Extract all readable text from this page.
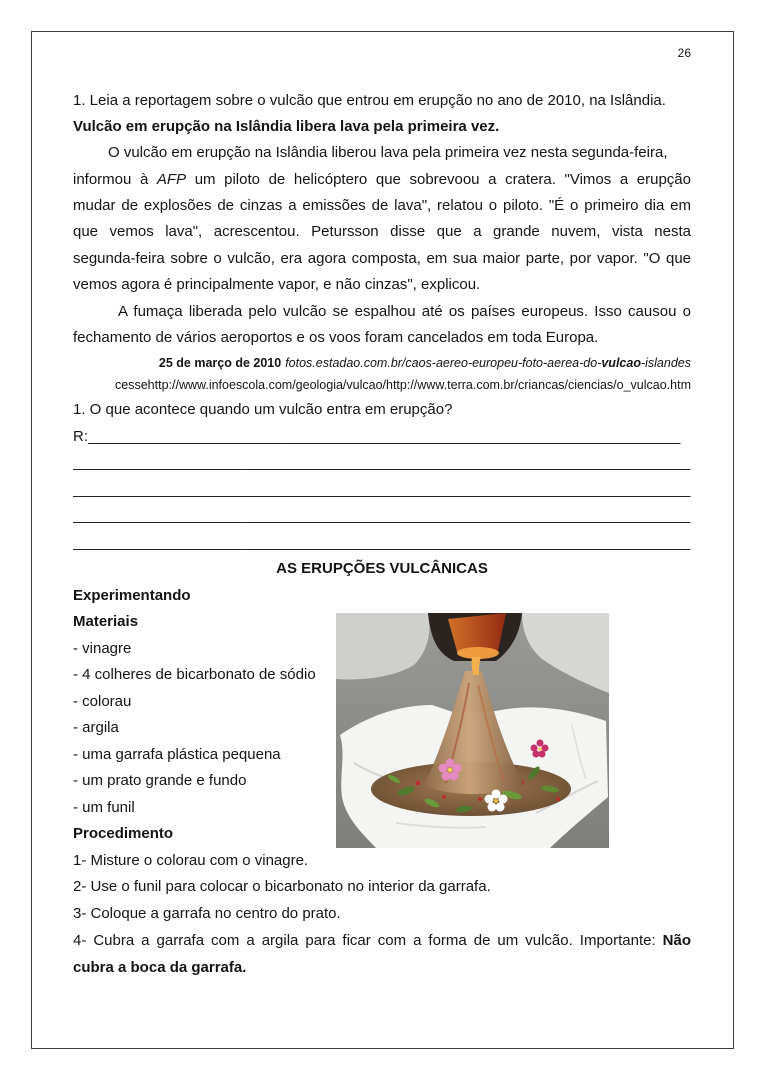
26
1. Leia a reportagem sobre o vulcão que entrou em erupção no ano de 2010, na Islândia.
Vulcão em erupção na Islândia libera lava pela primeira vez.
O vulcão em erupção na Islândia liberou lava pela primeira vez nesta segunda-feira,
informou à AFP um piloto de helicóptero que sobrevoou a cratera. "Vimos a erupção
mudar de explosões de cinzas a emissões de lava", relatou o piloto. "É o primeiro dia em
que vemos lava", acrescentou. Petursson disse que a grande nuvem, vista nesta
segunda-feira sobre o vulcão, era agora composta, em sua maior parte, por vapor. "O que
vemos agora é principalmente vapor, e não cinzas", explicou.
A fumaça liberada pelo vulcão se espalhou até os países europeus. Isso causou o
fechamento de vários aeroportos e os voos foram cancelados em toda Europa.
25 de março de 2010 fotos.estadao.com.br/caos-aereo-europeu-foto-aerea-do-vulcao-islandes
cessehttp://www.infoescola.com/geologia/vulcao/http://www.terra.com.br/criancas/ciencias/o_vulcao.htm
1. O que acontece quando um vulcão entra em erupção?
R:_______________________________________________________________________
__________________________________________________________________________
__________________________________________________________________________
__________________________________________________________________________
__________________________________________________________________________
AS ERUPÇÕES VULCÂNICAS
Experimentando
Materiais
- vinagre
- 4 colheres de bicarbonato de sódio
- colorau
- argila
- uma garrafa plástica pequena
- um prato grande e fundo
- um funil
Procedimento
1- Misture o colorau com o vinagre.
2- Use o funil para colocar o bicarbonato no interior da garrafa.
3- Coloque a garrafa no centro do prato.
4- Cubra a garrafa com a argila para ficar com a forma de um vulcão. Importante: Não
cubra a boca da garrafa.
